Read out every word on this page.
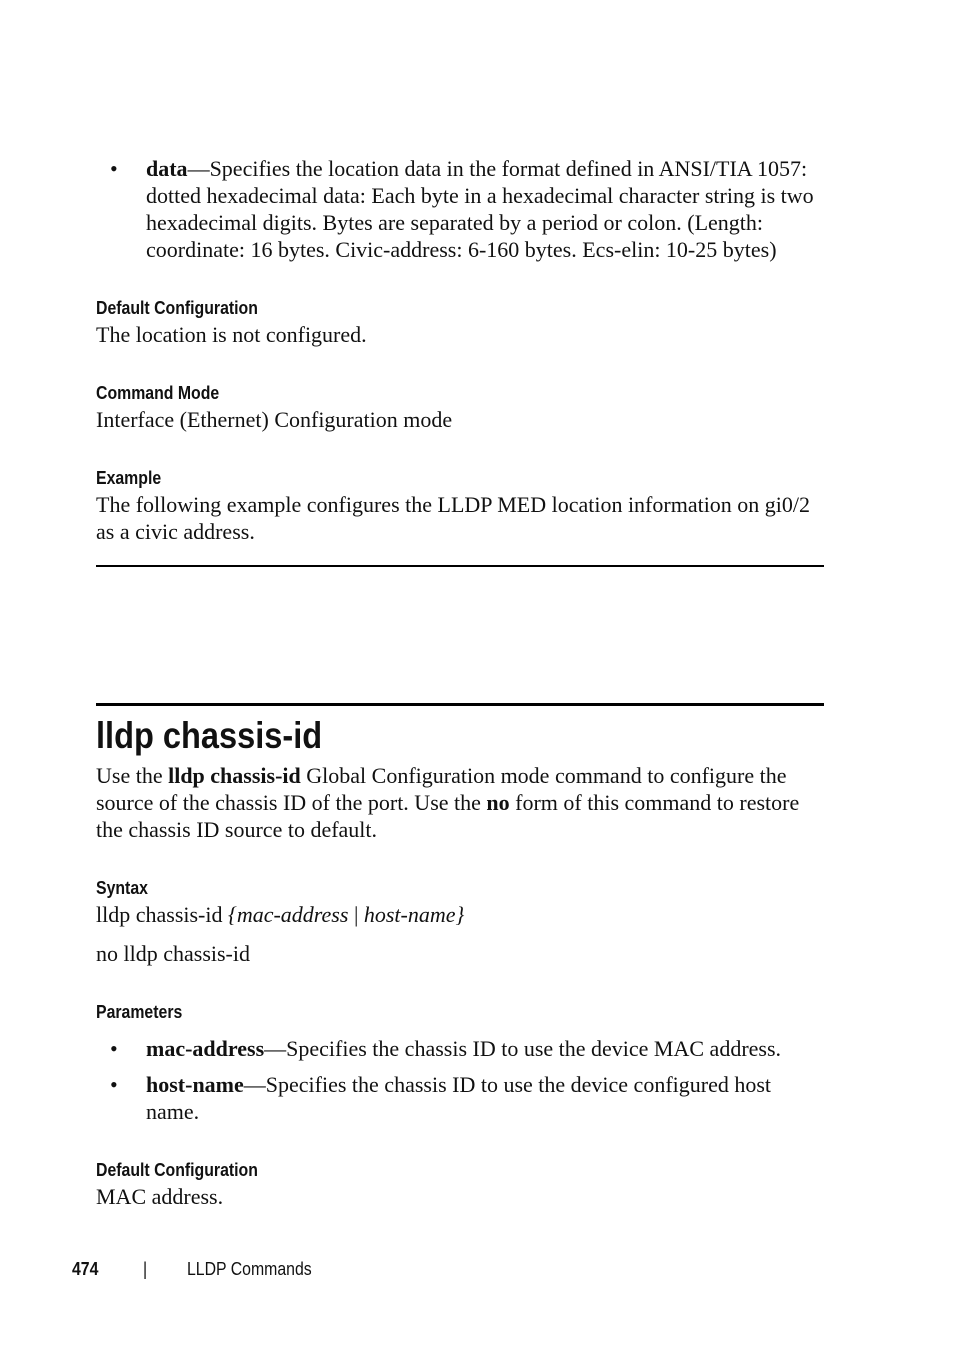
• data—Specifies the location data in the format defined in ANSI/TIA 1057: dotted hexadecimal data: Each byte in a hexadecimal character string is two hexadecimal digits. Bytes are separated by a period or colon. (Length: coordinate: 16 bytes. Civic-address: 6-160 bytes. Ecs-elin: 10-25 bytes)
Default Configuration
The location is not configured.
Command Mode
Interface (Ethernet) Configuration mode
Example
The following example configures the LLDP MED location information on gi0/2 as a civic address.
lldp chassis-id
Use the lldp chassis-id Global Configuration mode command to configure the source of the chassis ID of the port. Use the no form of this command to restore the chassis ID source to default.
Syntax
lldp chassis-id {mac-address | host-name}
no lldp chassis-id
Parameters
• mac-address—Specifies the chassis ID to use the device MAC address.
• host-name—Specifies the chassis ID to use the device configured host name.
Default Configuration
MAC address.
474 | LLDP Commands
